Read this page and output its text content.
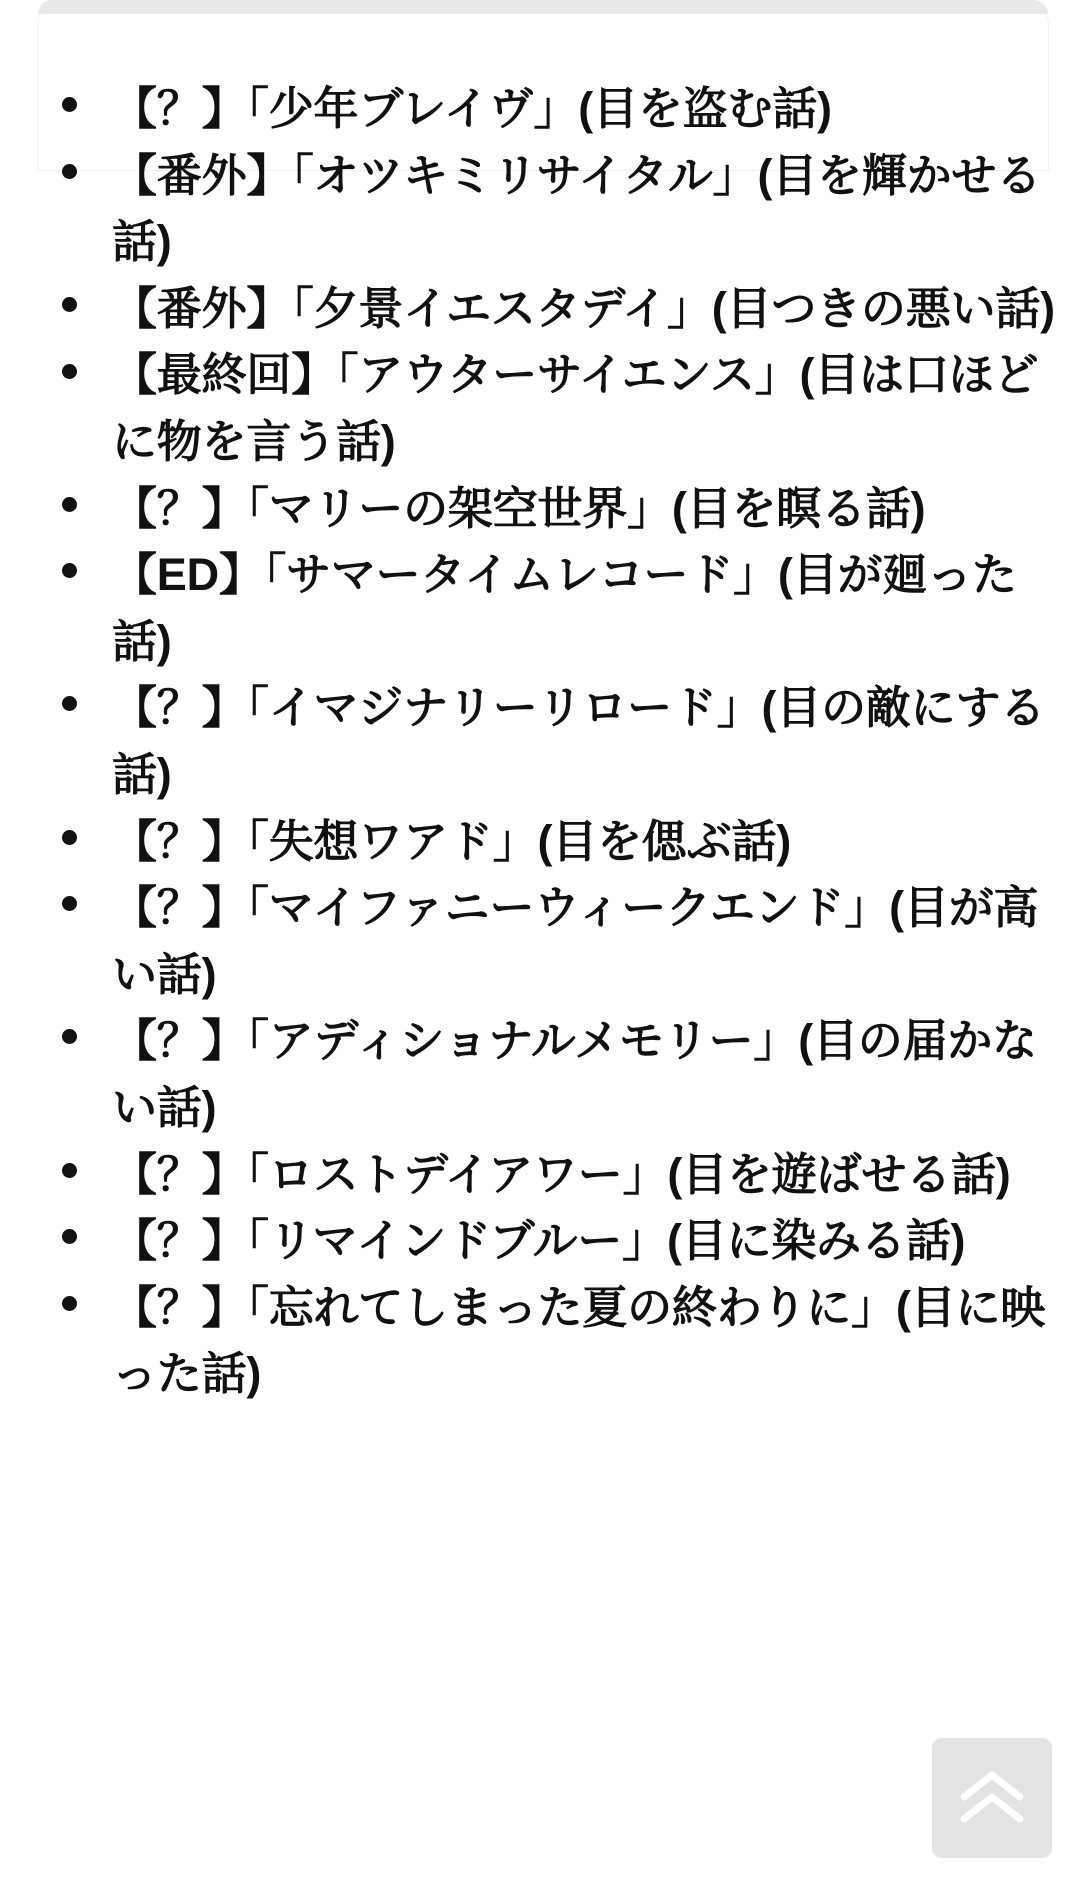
【？】「少年ブレイヴ」(目を盗む話)
【番外】「オツキミリサイタル」(目を輝かせる話)
【番外】「夕景イエスタデイ」(目つきの悪い話)
【最終回】「アウターサイエンス」(目は口ほどに物を言う話)
【？】「マリーの架空世界」(目を瞑る話)
【ED】「サマータイムレコード」(目が廻った話)
【？】「イマジナリーリロード」(目の敵にする話)
【？】「失想ワアド」(目を偲ぶ話)
【？】「マイファニーウィークエンド」(目が高い話)
【？】「アディショナルメモリー」(目の届かない話)
【？】「ロストデイアワー」(目を遊ばせる話)
【？】「リマインドブルー」(目に染みる話)
【？】「忘れてしまった夏の終わりに」(目に映った話)
